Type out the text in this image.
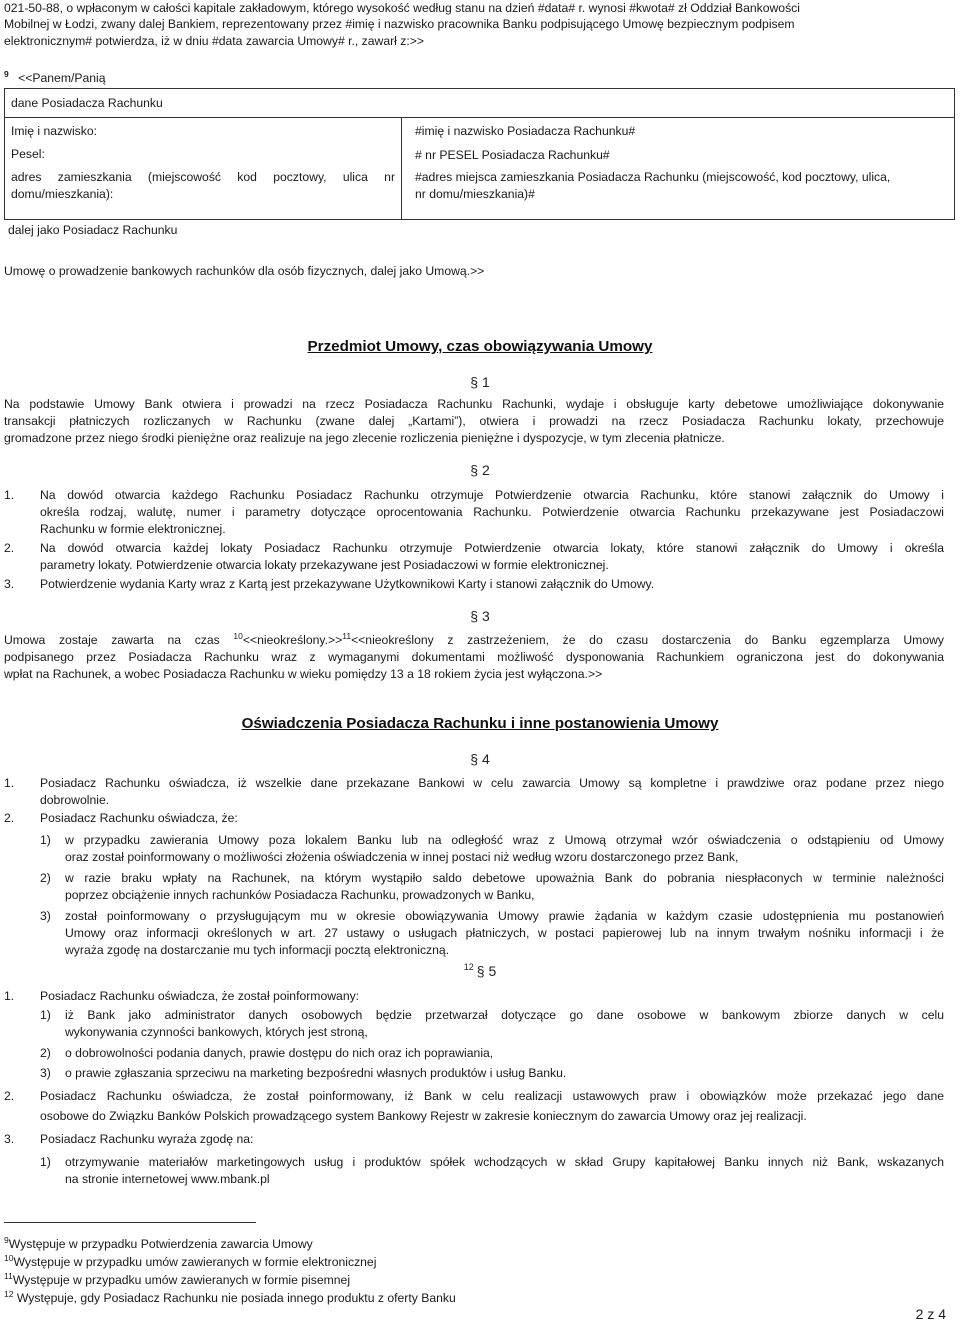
021-50-88, o wpłaconym w całości kapitale zakładowym, którego wysokość według stanu na dzień #data# r. wynosi #kwota# zł Oddział Bankowości
Mobilnej w Łodzi, zwany dalej Bankiem, reprezentowany przez #imię i nazwisko pracownika Banku podpisującego Umowę bezpiecznym podpisem
elektronicznym# potwierdza, iż w dniu #data zawarcia Umowy# r., zawarł z:>>
$^9$ <<Panem/Panią
dane Posiadacza Rachunku
Imię i nazwisko:	#imię i nazwisko Posiadacza Rachunku#
Pesel:	# nr PESEL Posiadacza Rachunku#
adres zamieszkania (miejscowość kod pocztowy, ulica nr
domu/mieszkania):
#adres miejsca zamieszkania Posiadacza Rachunku (miejscowość, kod pocztowy, ulica,
nr domu/mieszkania)#
dalej jako Posiadacz Rachunku
Umowę o prowadzenie bankowych rachunków dla osób fizycznych, dalej jako Umową.>>
Przedmiot Umowy, czas obowiązywania Umowy
§ 1
Na podstawie Umowy Bank otwiera i prowadzi na rzecz Posiadacza Rachunku Rachunki, wydaje i obsługuje karty debetowe umożliwiające dokonywanie
transakcji płatniczych rozliczanych w Rachunku (zwane dalej „Kartami”), otwiera i prowadzi na rzecz Posiadacza Rachunku lokaty, przechowuje
gromadzone przez niego środki pieniężne oraz realizuje na jego zlecenie rozliczenia pieniężne i dyspozycje, w tym zlecenia płatnicze.
§ 2
1. Na dowód otwarcia każdego Rachunku Posiadacz Rachunku otrzymuje Potwierdzenie otwarcia Rachunku, które stanowi załącznik do Umowy i
określa rodzaj, walutę, numer i parametry dotyczące oprocentowania Rachunku. Potwierdzenie otwarcia Rachunku przekazywane jest Posiadaczowi
Rachunku w formie elektronicznej.
2. Na dowód otwarcia każdej lokaty Posiadacz Rachunku otrzymuje Potwierdzenie otwarcia lokaty, które stanowi załącznik do Umowy i określa
parametry lokaty. Potwierdzenie otwarcia lokaty przekazywane jest Posiadaczowi w formie elektronicznej.
3. Potwierdzenie wydania Karty wraz z Kartą jest przekazywane Użytkownikowi Karty i stanowi załącznik do Umowy.
§ 3
Umowa zostaje zawarta na czas $^{10}$<<nieokreślony.>>$^{11}$<<nieokreślony z zastrzeżeniem, że do czasu dostarczenia do Banku egzemplarza Umowy
podpisanego przez Posiadacza Rachunku wraz z wymaganymi dokumentami możliwość dysponowania Rachunkiem ograniczona jest do dokonywania
wpłat na Rachunek, a wobec Posiadacza Rachunku w wieku pomiędzy 13 a 18 rokiem życia jest wyłączona.>>
Oświadczenia Posiadacza Rachunku i inne postanowienia Umowy
§ 4
1. Posiadacz Rachunku oświadcza, iż wszelkie dane przekazane Bankowi w celu zawarcia Umowy są kompletne i prawdziwe oraz podane przez niego
dobrowolnie.
2. Posiadacz Rachunku oświadcza, że:
1) w przypadku zawierania Umowy poza lokalem Banku lub na odległość wraz z Umową otrzymał wzór oświadczenia o odstąpieniu od Umowy
oraz został poinformowany o możliwości złożenia oświadczenia w innej postaci niż według wzoru dostarczonego przez Bank,
2) w razie braku wpłaty na Rachunek, na którym wystąpiło saldo debetowe upoważnia Bank do pobrania niespłaconych w terminie należności
poprzez obciążenie innych rachunków Posiadacza Rachunku, prowadzonych w Banku,
3) został poinformowany o przysługującym mu w okresie obowiązywania Umowy prawie żądania w każdym czasie udostępnienia mu postanowień
Umowy oraz informacji określonych w art. 27 ustawy o usługach płatniczych, w postaci papierowej lub na innym trwałym nośniku informacji i że
wyraża zgodę na dostarczanie mu tych informacji pocztą elektroniczną.
$^{12}$ § 5
1. Posiadacz Rachunku oświadcza, że został poinformowany:
1) iż Bank jako administrator danych osobowych będzie przetwarzał dotyczące go dane osobowe w bankowym zbiorze danych w celu
wykonywania czynności bankowych, których jest stroną,
2) o dobrowolności podania danych, prawie dostępu do nich oraz ich poprawiania,
3) o prawie zgłaszania sprzeciwu na marketing bezpośredni własnych produktów i usług Banku.
2. Posiadacz Rachunku oświadcza, że został poinformowany, iż Bank w celu realizacji ustawowych praw i obowiązków może przekazać jego dane
osobowe do Związku Banków Polskich prowadzącego system Bankowy Rejestr w zakresie koniecznym do zawarcia Umowy oraz jej realizacji.
3. Posiadacz Rachunku wyraża zgodę na:
1) otrzymywanie materiałów marketingowych usług i produktów spółek wchodzących w skład Grupy kapitałowej Banku innych niż Bank, wskazanych
na stronie internetowej www.mbank.pl
$^9$Występuje w przypadku Potwierdzenia zawarcia Umowy
$^{10}$Występuje w przypadku umów zawieranych w formie elektronicznej
$^{11}$Występuje w przypadku umów zawieranych w formie pisemnej
$^{12}$ Występuje, gdy Posiadacz Rachunku nie posiada innego produktu z oferty Banku
2 z 4
